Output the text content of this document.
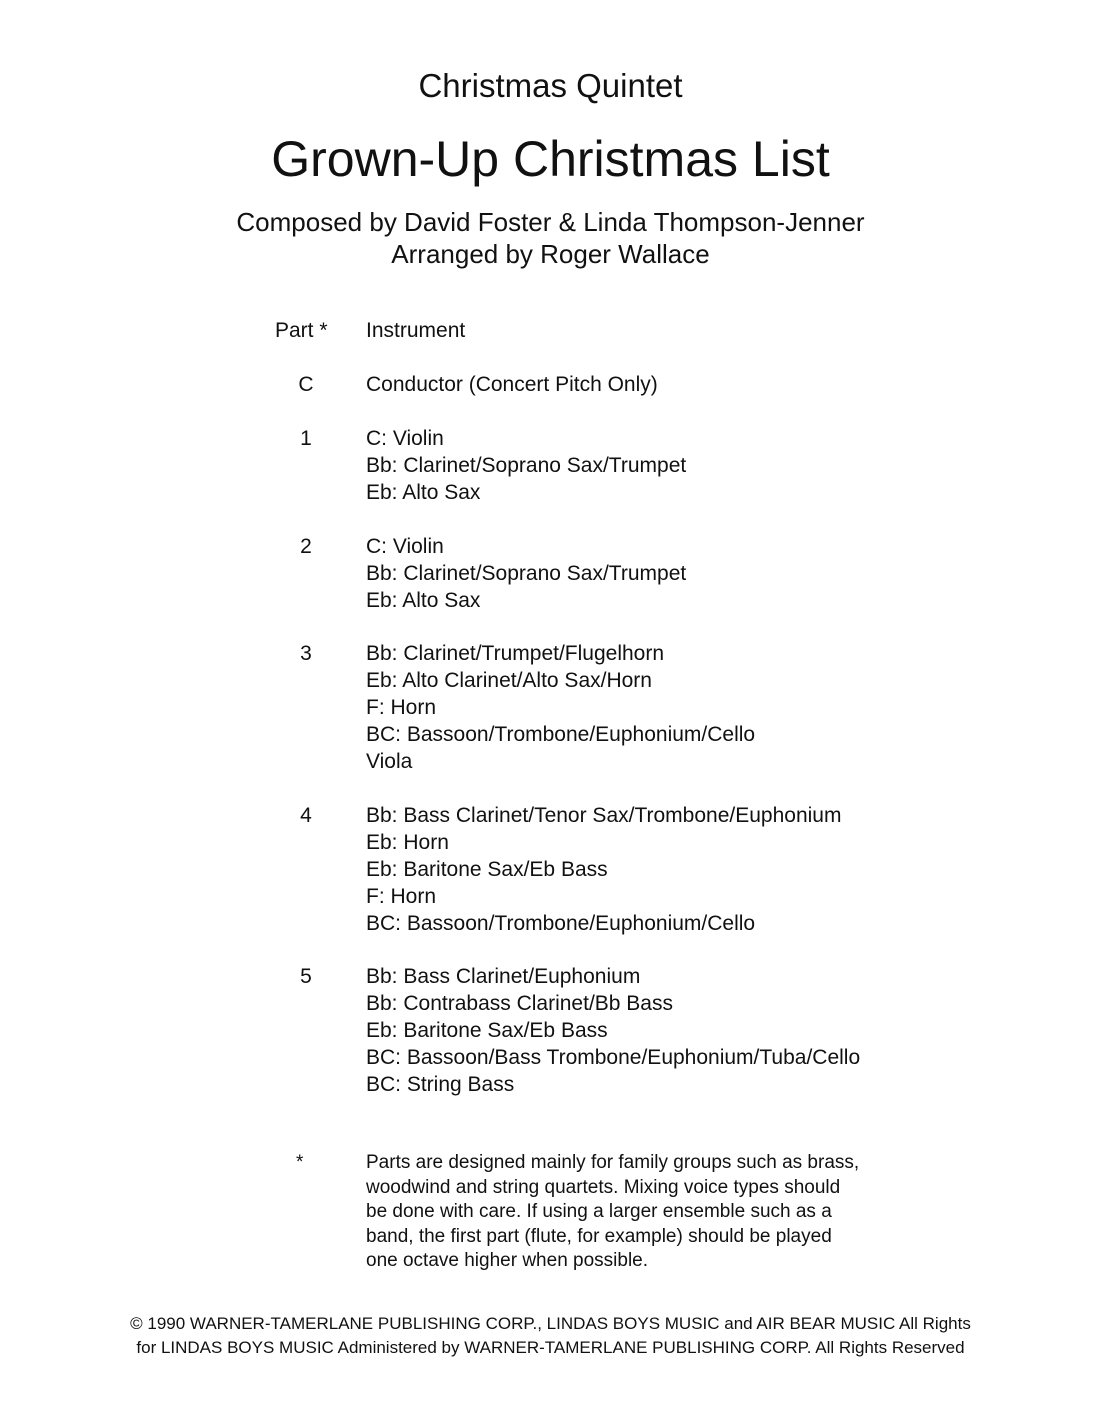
Christmas Quintet
Grown-Up Christmas List
Composed by David Foster & Linda Thompson-Jenner
Arranged by Roger Wallace
Part * Instrument
C	Conductor (Concert Pitch Only)
1	C: Violin
Bb: Clarinet/Soprano Sax/Trumpet
Eb: Alto Sax
2	C: Violin
Bb: Clarinet/Soprano Sax/Trumpet
Eb: Alto Sax
3	Bb: Clarinet/Trumpet/Flugelhorn
Eb: Alto Clarinet/Alto Sax/Horn
F: Horn
BC: Bassoon/Trombone/Euphonium/Cello
Viola
4	Bb: Bass Clarinet/Tenor Sax/Trombone/Euphonium
Eb: Horn
Eb: Baritone Sax/Eb Bass
F: Horn
BC: Bassoon/Trombone/Euphonium/Cello
5	Bb: Bass Clarinet/Euphonium
Bb: Contrabass Clarinet/Bb Bass
Eb: Baritone Sax/Eb Bass
BC: Bassoon/Bass Trombone/Euphonium/Tuba/Cello
BC: String Bass
*	Parts are designed mainly for family groups such as brass,
woodwind and string quartets. Mixing voice types should
be done with care. If using a larger ensemble such as a
band, the first part (flute, for example) should be played
one octave higher when possible.
© 1990 WARNER-TAMERLANE PUBLISHING CORP., LINDAS BOYS MUSIC and AIR BEAR MUSIC All Rights
for LINDAS BOYS MUSIC Administered by WARNER-TAMERLANE PUBLISHING CORP. All Rights Reserved
